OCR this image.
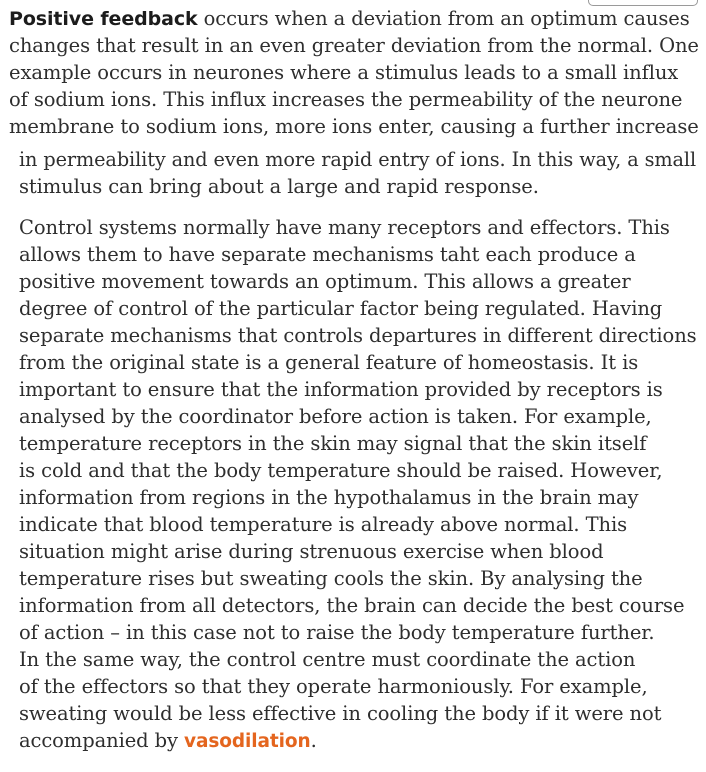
Positive feedback occurs when a deviation from an optimum causes
changes that result in an even greater deviation from the normal. One
example occurs in neurones where a stimulus leads to a small influx
of sodium ions. This influx increases the permeability of the neurone
membrane to sodium ions, more ions enter, causing a further increase
in permeability and even more rapid entry of ions. In this way, a small
stimulus can bring about a large and rapid response.
Control systems normally have many receptors and effectors. This
allows them to have separate mechanisms taht each produce a
positive movement towards an optimum. This allows a greater
degree of control of the particular factor being regulated. Having
separate mechanisms that controls departures in different directions
from the original state is a general feature of homeostasis. It is
important to ensure that the information provided by receptors is
analysed by the coordinator before action is taken. For example,
temperature receptors in the skin may signal that the skin itself
is cold and that the body temperature should be raised. However,
information from regions in the hypothalamus in the brain may
indicate that blood temperature is already above normal. This
situation might arise during strenuous exercise when blood
temperature rises but sweating cools the skin. By analysing the
information from all detectors, the brain can decide the best course
of action – in this case not to raise the body temperature further.
In the same way, the control centre must coordinate the action
of the effectors so that they operate harmoniously. For example,
sweating would be less effective in cooling the body if it were not
accompanied by vasodilation.
